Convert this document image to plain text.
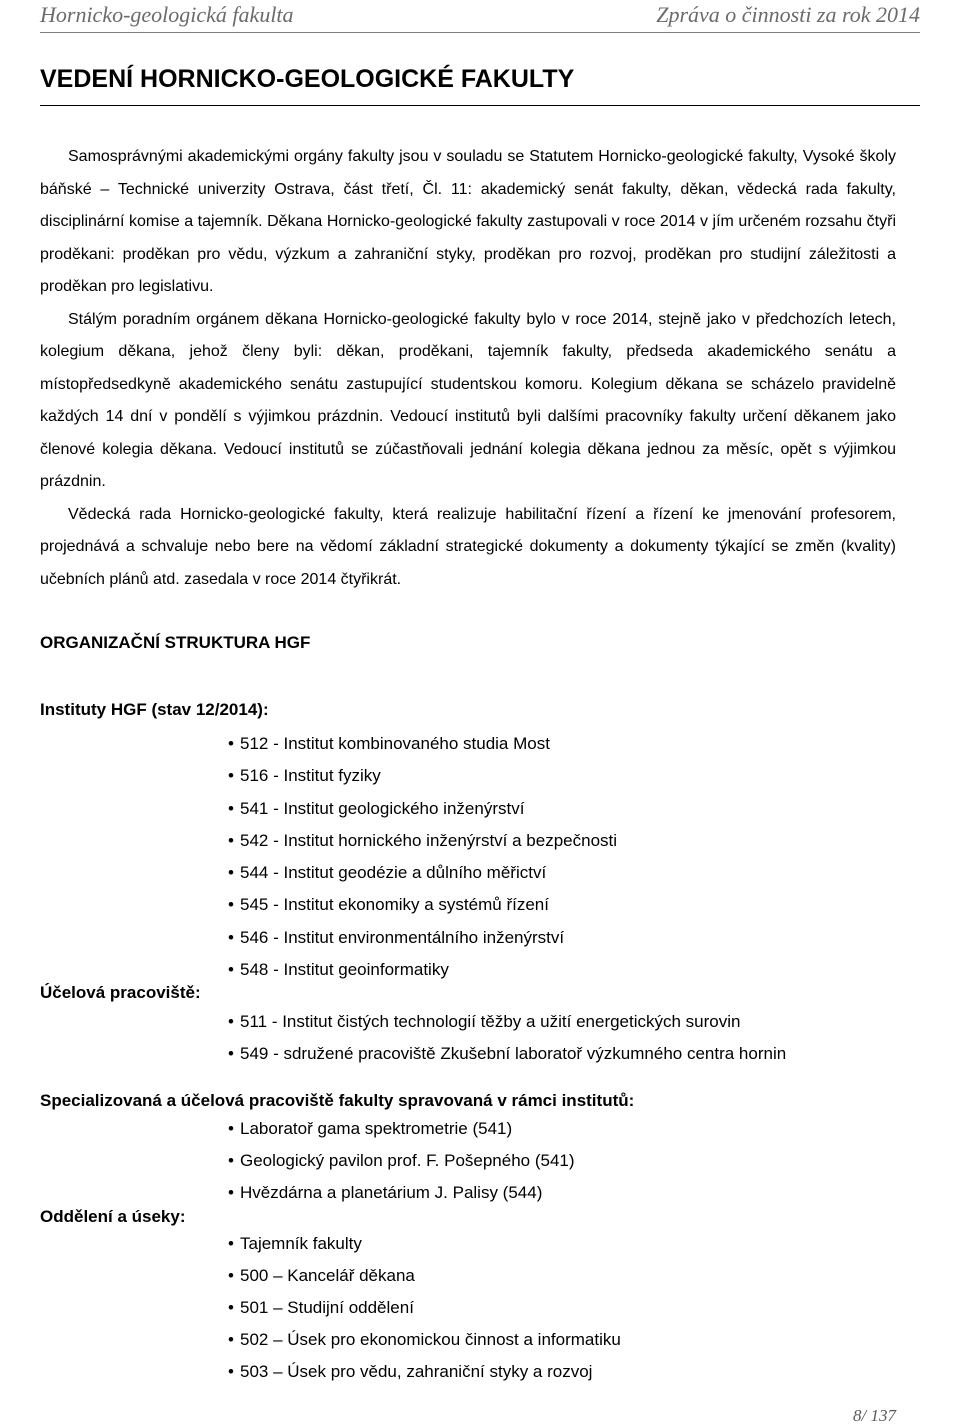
Hornicko-geologická fakulta	Zpráva o činnosti za rok 2014
VEDENÍ HORNICKO-GEOLOGICKÉ FAKULTY

Samosprávnými akademickými orgány fakulty jsou v souladu se Statutem Hornicko-geologické fakulty, Vysoké školy báňské – Technické univerzity Ostrava, část třetí, Čl. 11: akademický senát fakulty, děkan, vědecká rada fakulty, disciplinární komise a tajemník. Děkana Hornicko-geologické fakulty zastupovali v roce 2014 v jím určeném rozsahu čtyři proděkani: proděkan pro vědu, výzkum a zahraniční styky, proděkan pro rozvoj, proděkan pro studijní záležitosti a proděkan pro legislativu.

Stálým poradním orgánem děkana Hornicko-geologické fakulty bylo v roce 2014, stejně jako v předchozích letech, kolegium děkana, jehož členy byli: děkan, proděkani, tajemník fakulty, předseda akademického senátu a místopředsedkyně akademického senátu zastupující studentskou komoru. Kolegium děkana se scházelo pravidelně každých 14 dní v pondělí s výjimkou prázdnin. Vedoucí institutů byli dalšími pracovníky fakulty určení děkanem jako členové kolegia děkana. Vedoucí institutů se zúčastňovali jednání kolegia děkana jednou za měsíc, opět s výjimkou prázdnin.

Vědecká rada Hornicko-geologické fakulty, která realizuje habilitační řízení a řízení ke jmenování profesorem, projednává a schvaluje nebo bere na vědomí základní strategické dokumenty a dokumenty týkající se změn (kvality) učebních plánů atd. zasedala v roce 2014 čtyřikrát.

ORGANIZAČNÍ STRUKTURA HGF
Instituty HGF (stav 12/2014):
• 512 - Institut kombinovaného studia Most
• 516 - Institut fyziky
• 541 - Institut geologického inženýrství
• 542 - Institut hornického inženýrství a bezpečnosti
• 544 - Institut geodézie a důlního měřictví
• 545 - Institut ekonomiky a systémů řízení
• 546 - Institut environmentálního inženýrství
• 548 - Institut geoinformatiky
Účelová pracoviště:
• 511 - Institut čistých technologií těžby a užití energetických surovin
• 549 - sdružené pracoviště Zkušební laboratoř výzkumného centra hornin
Specializovaná a účelová pracoviště fakulty spravovaná v rámci institutů:
• Laboratoř gama spektrometrie (541)
• Geologický pavilon prof. F. Pošepného (541)
• Hvězdárna a planetárium J. Palisy (544)
Oddělení a úseky:
• Tajemník fakulty
• 500 – Kancelář děkana
• 501 – Studijní oddělení
• 502 – Úsek pro ekonomickou činnost a informatiku
• 503 – Úsek pro vědu, zahraniční styky a rozvoj
8/ 137
